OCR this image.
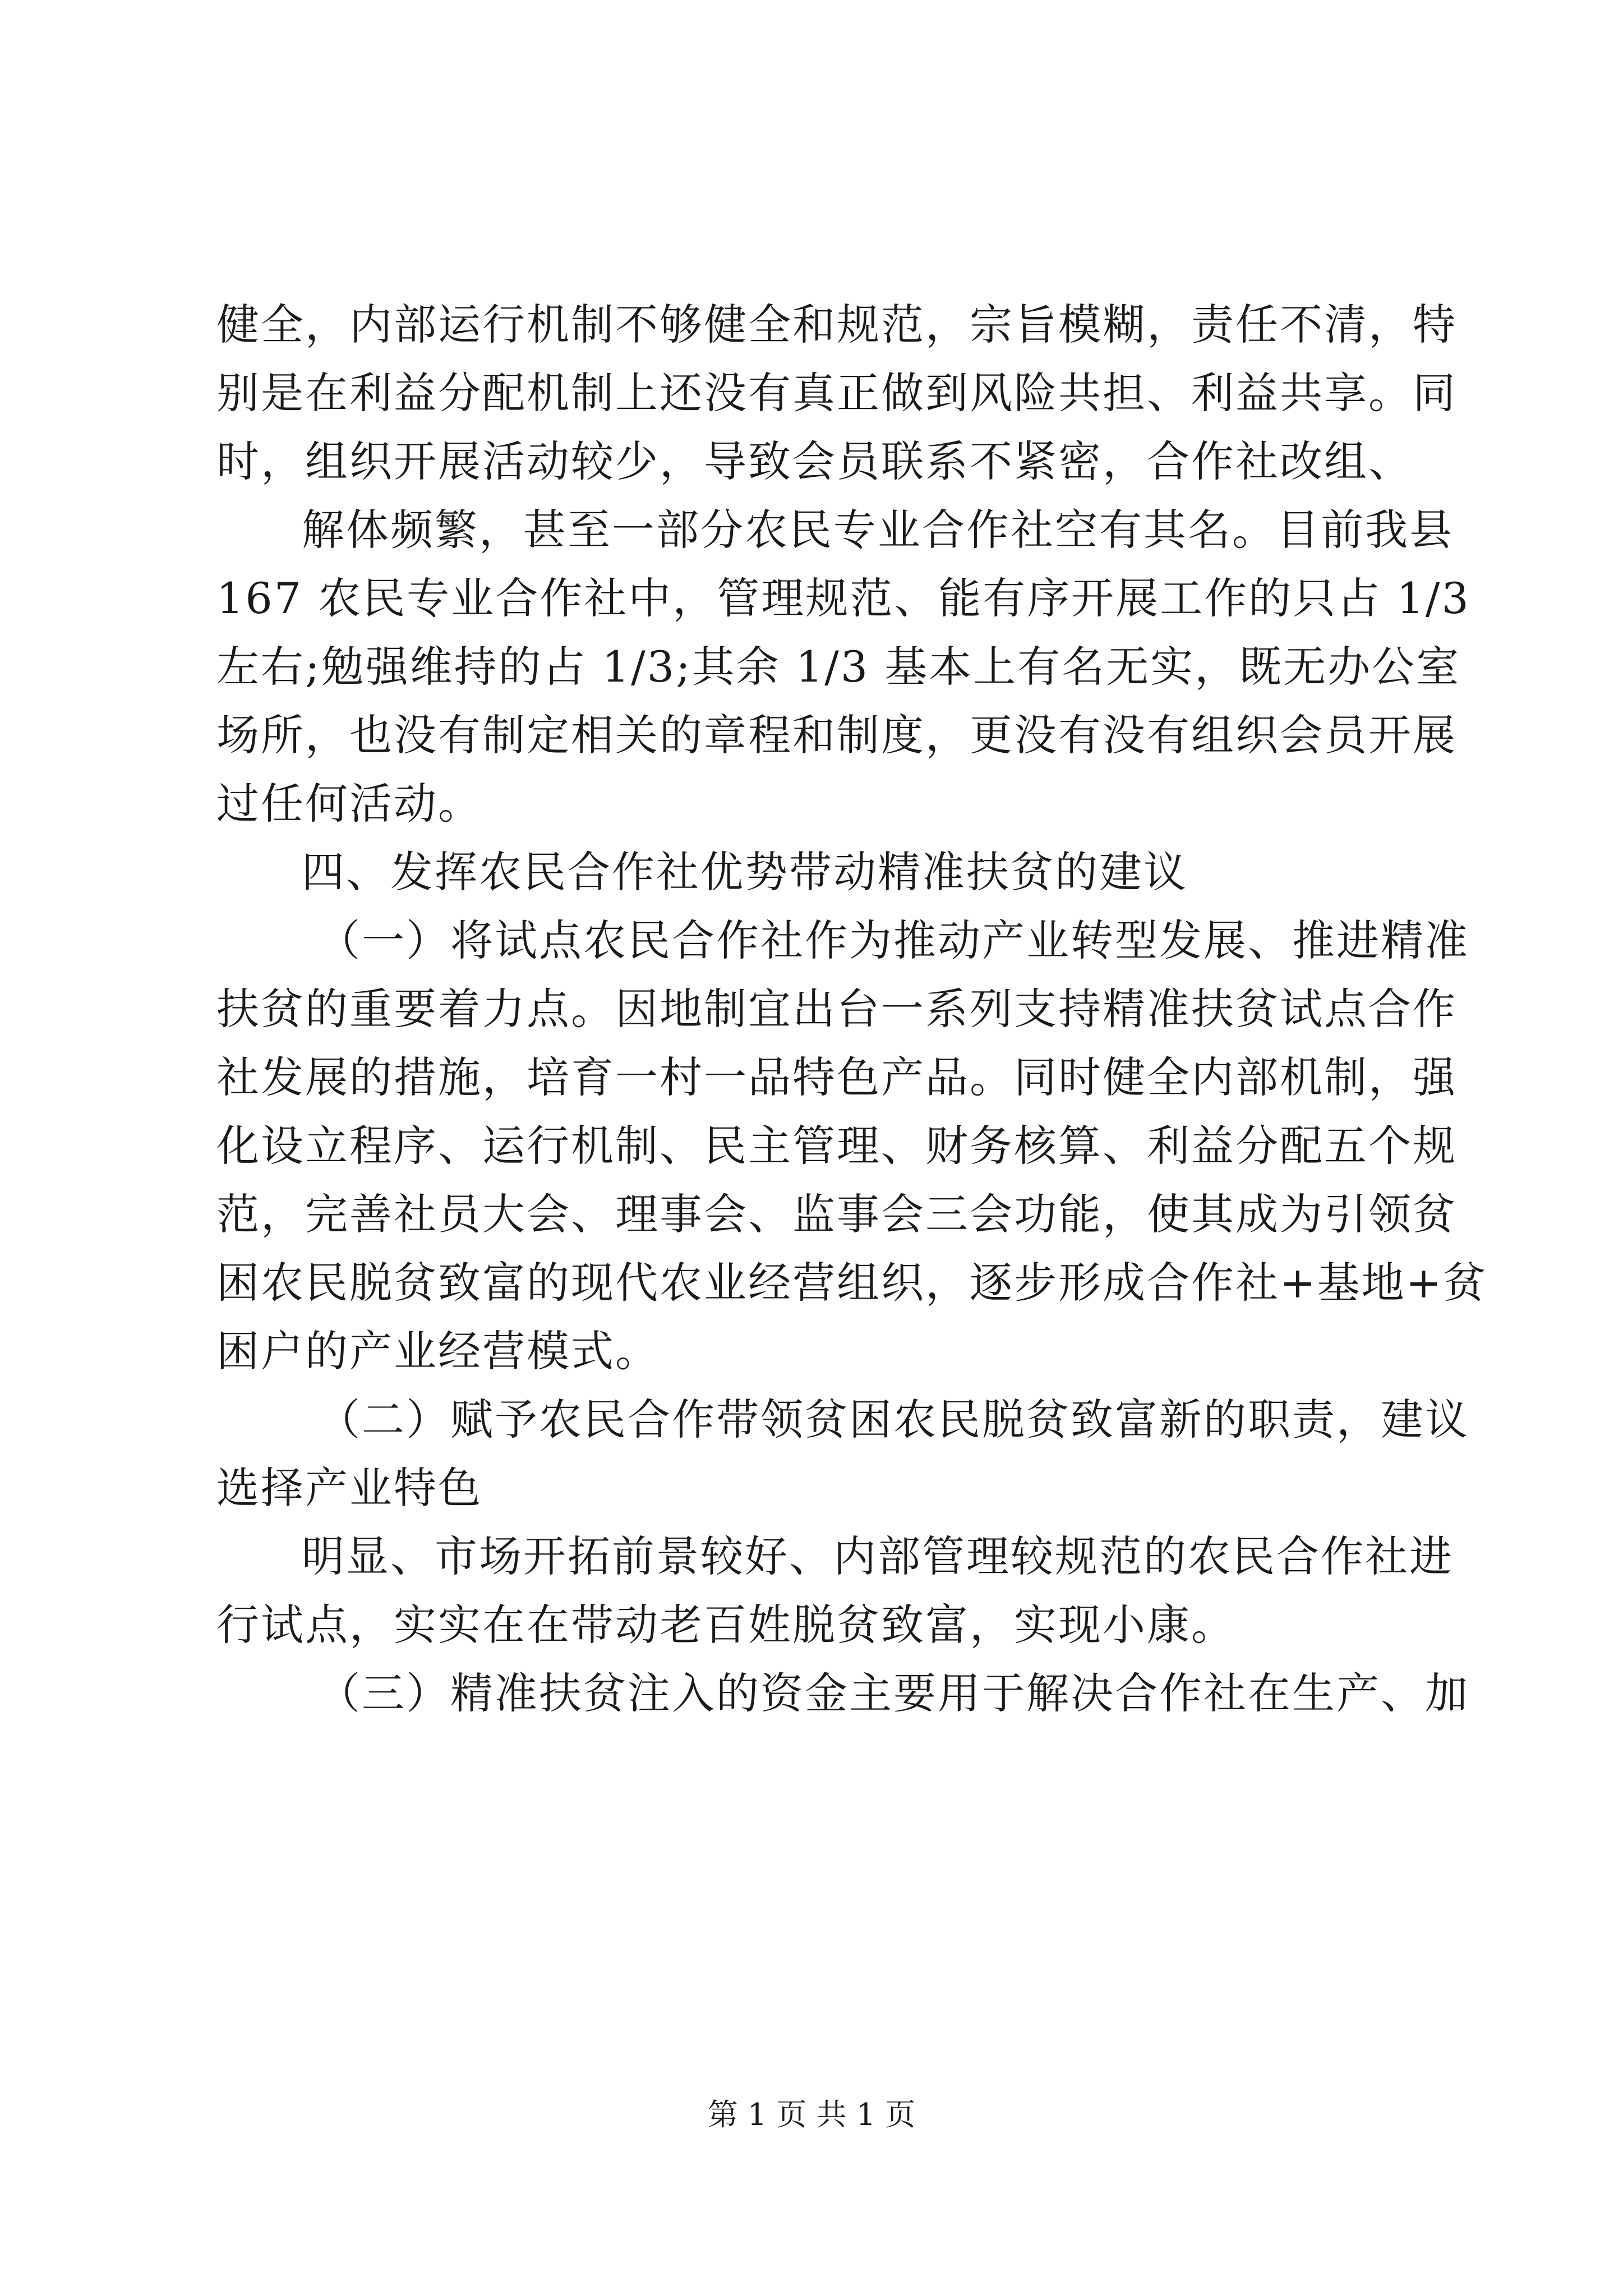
健全，内部运行机制不够健全和规范，宗旨模糊，责任不清，特
别是在利益分配机制上还没有真正做到风险共担、利益共享。同
时，组织开展活动较少，导致会员联系不紧密，合作社改组、
解体频繁，甚至一部分农民专业合作社空有其名。目前我县
167 农民专业合作社中，管理规范、能有序开展工作的只占 1/3
左右;勉强维持的占 1/3;其余 1/3 基本上有名无实，既无办公室
场所，也没有制定相关的章程和制度，更没有没有组织会员开展
过任何活动。
四、发挥农民合作社优势带动精准扶贫的建议
（一）将试点农民合作社作为推动产业转型发展、推进精准
扶贫的重要着力点。因地制宜出台一系列支持精准扶贫试点合作
社发展的措施，培育一村一品特色产品。同时健全内部机制，强
化设立程序、运行机制、民主管理、财务核算、利益分配五个规
范，完善社员大会、理事会、监事会三会功能，使其成为引领贫
困农民脱贫致富的现代农业经营组织，逐步形成合作社+基地+贫
困户的产业经营模式。
（二）赋予农民合作带领贫困农民脱贫致富新的职责，建议
选择产业特色
明显、市场开拓前景较好、内部管理较规范的农民合作社进
行试点，实实在在带动老百姓脱贫致富，实现小康。
（三）精准扶贫注入的资金主要用于解决合作社在生产、加
第 1 页 共 1 页
